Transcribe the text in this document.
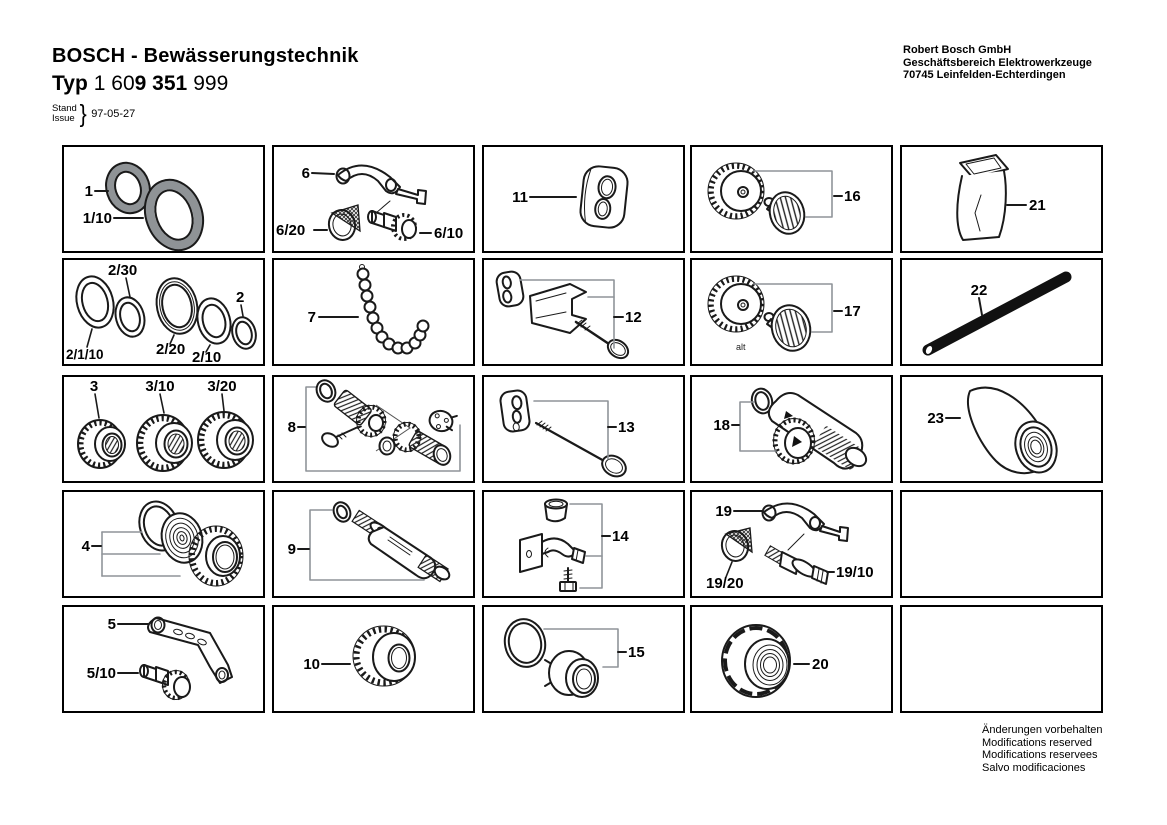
BOSCH - Bewässerungstechnik
Typ 1 609 351 999
Stand
Issue } 97-05-27
Robert Bosch GmbH
Geschäftsbereich Elektrowerkzeuge
70745 Leinfelden-Echterdingen
1
1/10
6
6/20	6/10
11	16
21
2/1/10
2/30
2/20 2/10
2
7	12	17
alt
22
3	3/10 3/20
8	13	18	23
4	9
14
19
19/20
19/10
5
5/10
10
15
20
Änderungen vorbehalten
Modifications reserved
Modifications reservees
Salvo modificaciones
